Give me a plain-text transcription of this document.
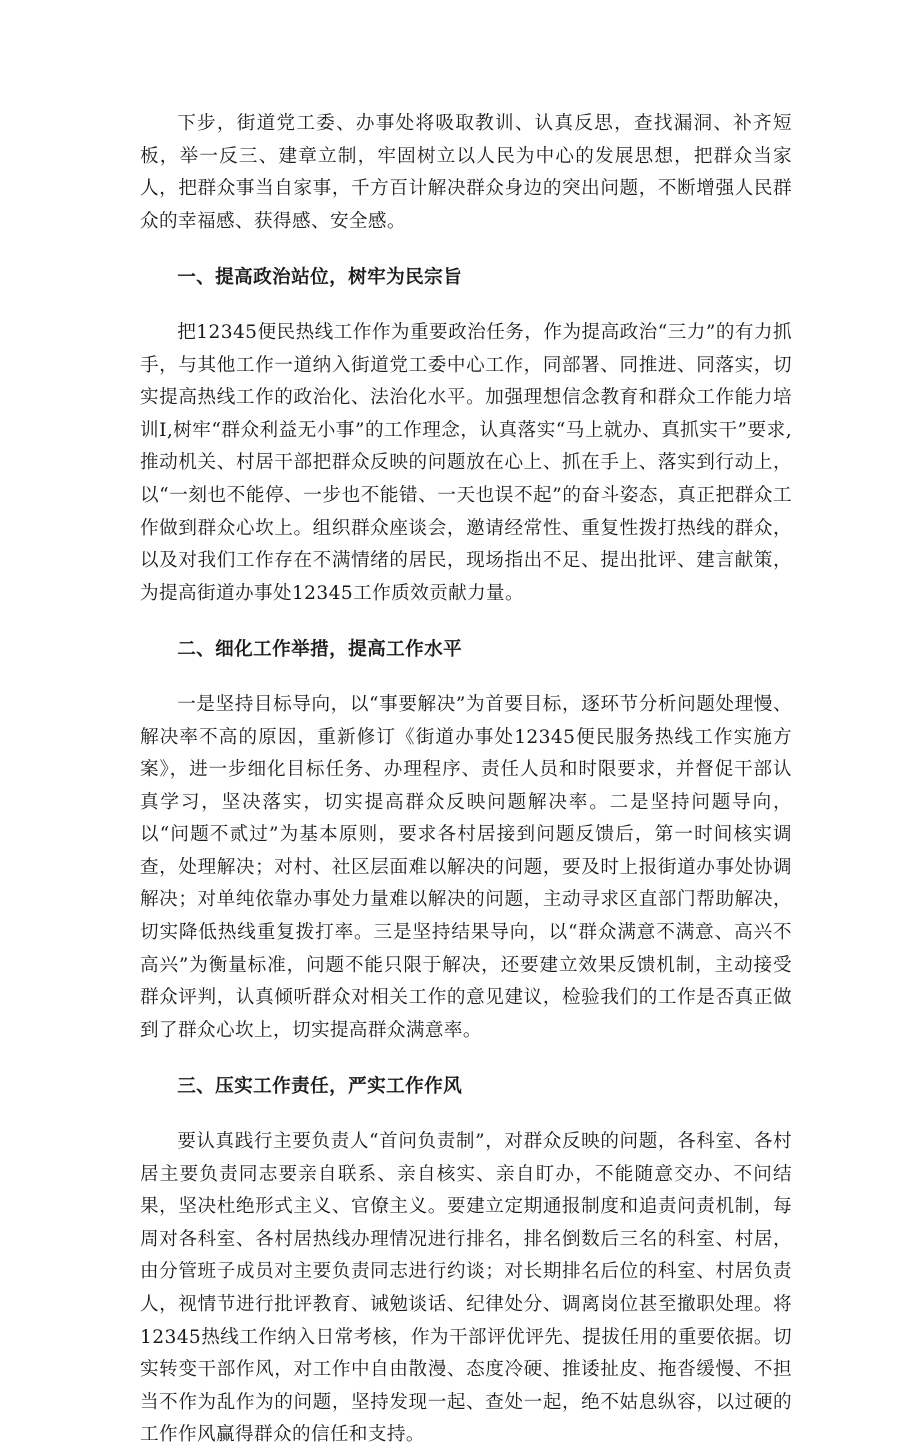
下步，街道党工委、办事处将吸取教训、认真反思，查找漏洞、补齐短板，举一反三、建章立制，牢固树立以人民为中心的发展思想，把群众当家人，把群众事当自家事，千方百计解决群众身边的突出问题，不断增强人民群众的幸福感、获得感、安全感。

一、提高政治站位，树牢为民宗旨

把12345便民热线工作作为重要政治任务，作为提高政治“三力”的有力抓手，与其他工作一道纳入街道党工委中心工作，同部署、同推进、同落实，切实提高热线工作的政治化、法治化水平。加强理想信念教育和群众工作能力培训I,树牢“群众利益无小事”的工作理念，认真落实“马上就办、真抓实干”要求,推动机关、村居干部把群众反映的问题放在心上、抓在手上、落实到行动上，以“一刻也不能停、一步也不能错、一天也误不起”的奋斗姿态，真正把群众工作做到群众心坎上。组织群众座谈会，邀请经常性、重复性拨打热线的群众，以及对我们工作存在不满情绪的居民，现场指出不足、提出批评、建言献策，为提高街道办事处12345工作质效贡献力量。

二、细化工作举措，提高工作水平

一是坚持目标导向，以“事要解决”为首要目标，逐环节分析问题处理慢、解决率不高的原因，重新修订《街道办事处12345便民服务热线工作实施方案》，进一步细化目标任务、办理程序、责任人员和时限要求，并督促干部认真学习，坚决落实，切实提高群众反映问题解决率。二是坚持问题导向，以“问题不贰过”为基本原则，要求各村居接到问题反馈后，第一时间核实调查，处理解决；对村、社区层面难以解决的问题，要及时上报街道办事处协调解决；对单纯依靠办事处力量难以解决的问题，主动寻求区直部门帮助解决，切实降低热线重复拨打率。三是坚持结果导向，以“群众满意不满意、高兴不高兴”为衡量标准，问题不能只限于解决，还要建立效果反馈机制，主动接受群众评判，认真倾听群众对相关工作的意见建议，检验我们的工作是否真正做到了群众心坎上，切实提高群众满意率。

三、压实工作责任，严实工作作风

要认真践行主要负责人“首问负责制”，对群众反映的问题，各科室、各村居主要负责同志要亲自联系、亲自核实、亲自盯办，不能随意交办、不问结果，坚决杜绝形式主义、官僚主义。要建立定期通报制度和追责问责机制，每周对各科室、各村居热线办理情况进行排名，排名倒数后三名的科室、村居，由分管班子成员对主要负责同志进行约谈；对长期排名后位的科室、村居负责人，视情节进行批评教育、诫勉谈话、纪律处分、调离岗位甚至撤职处理。将12345热线工作纳入日常考核，作为干部评优评先、提拔任用的重要依据。切实转变干部作风，对工作中自由散漫、态度冷硬、推诿扯皮、拖沓缓慢、不担当不作为乱作为的问题，坚持发现一起、查处一起，绝不姑息纵容，以过硬的工作作风赢得群众的信任和支持。
